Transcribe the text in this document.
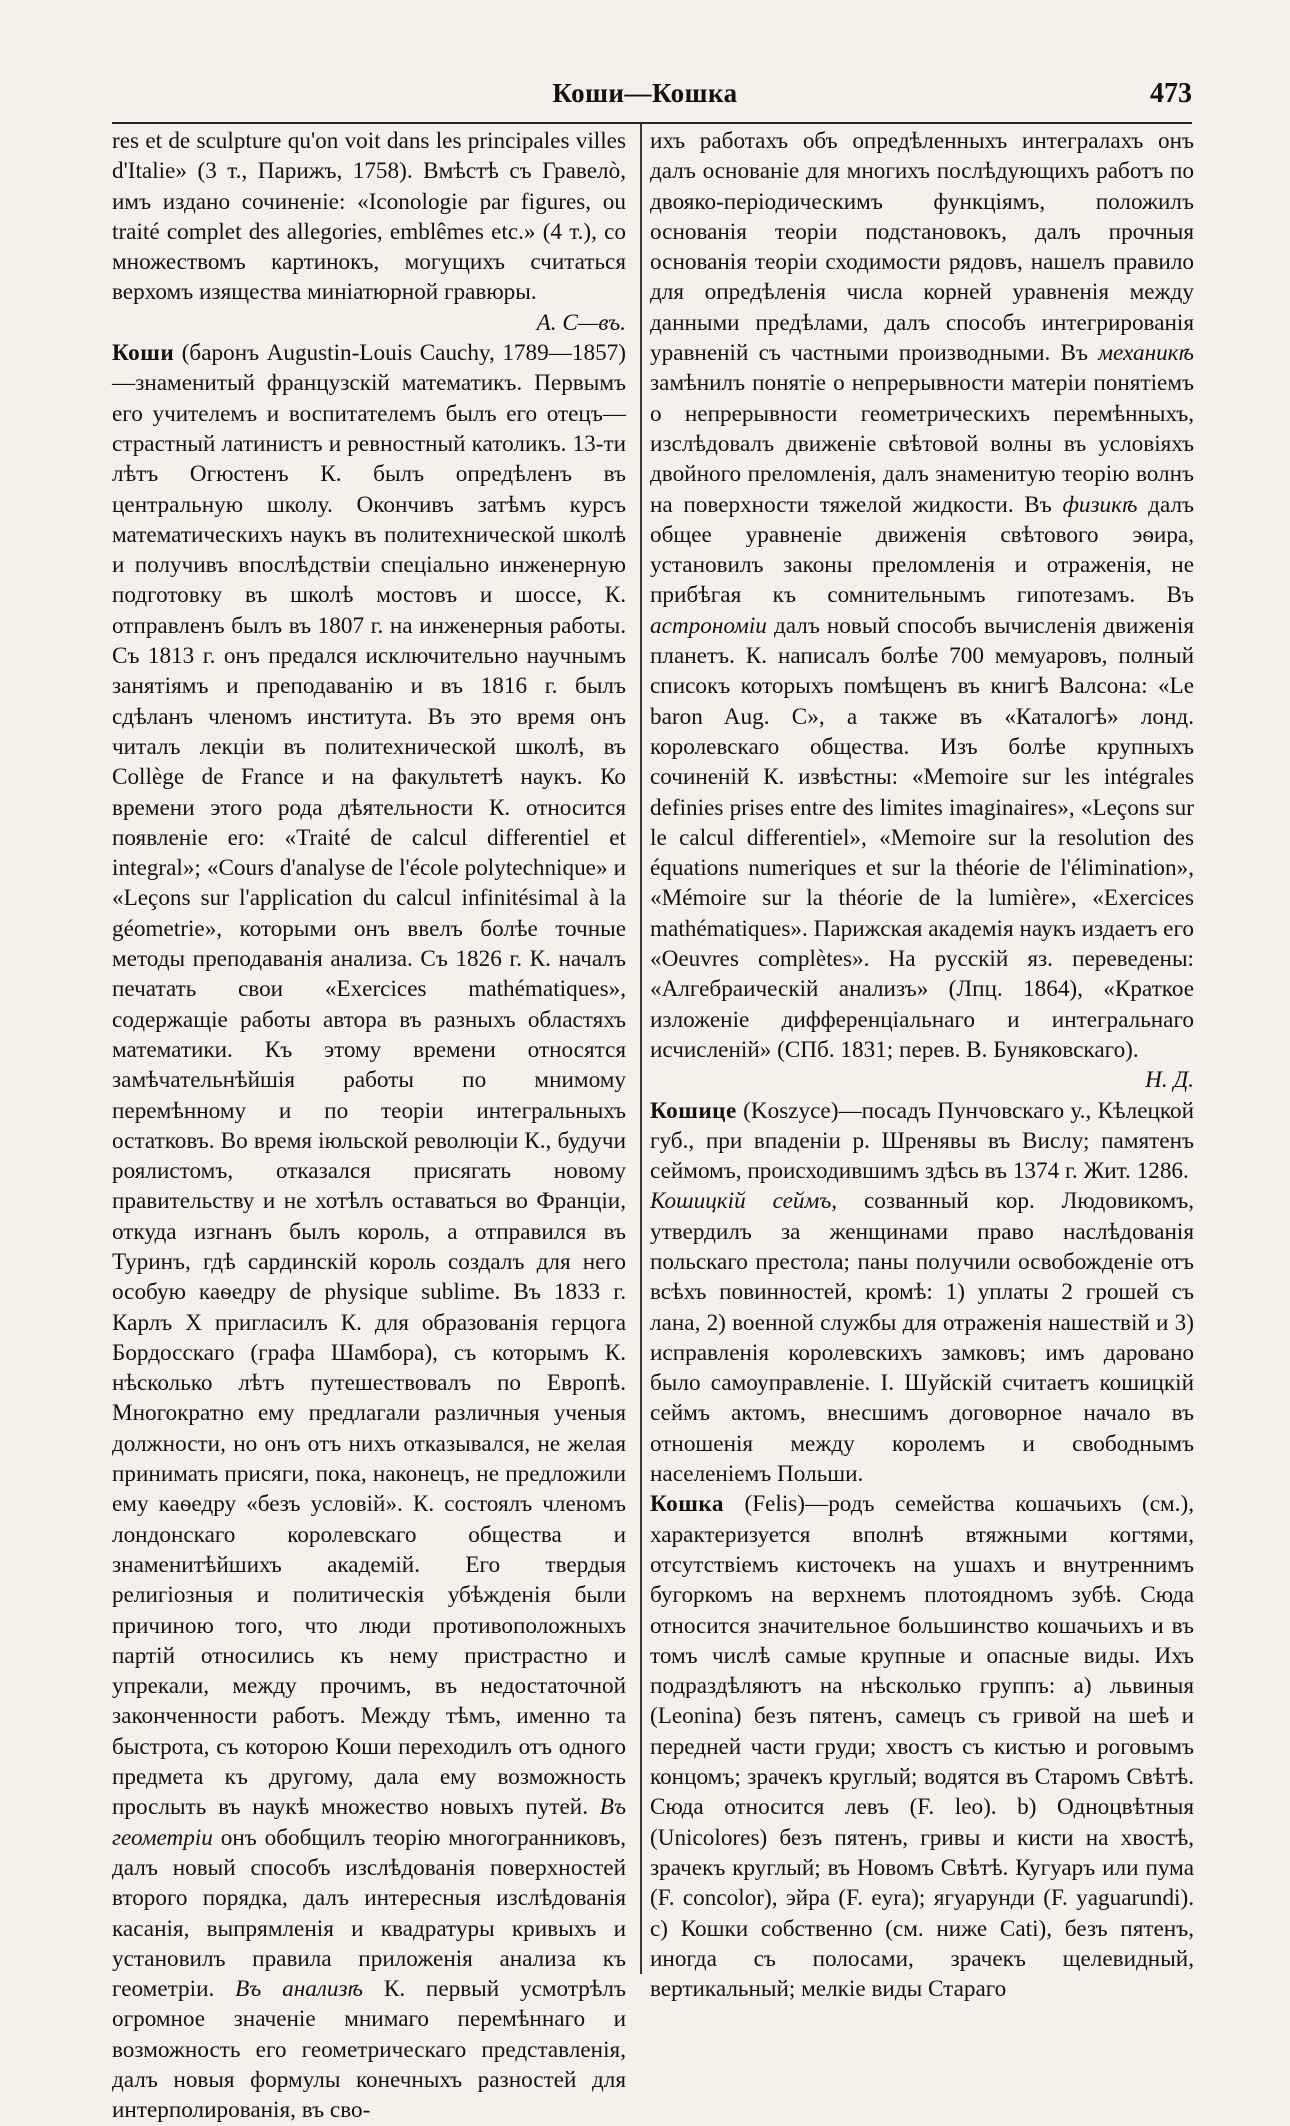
Коши—Кошка	473

res et de sculpture qu'on voit dans les principales villes d'Italie» (3 т., Парижъ, 1758). Вмѣстѣ съ Гравелò, имъ издано сочиненіе: «Iconologie par figures, ou traité complet des allegories, emblêmes etc.» (4 т.), со множествомъ картинокъ, могущихъ считаться верхомъ изящества миніатюрной гравюры.

А. С—въ.

Коши (баронъ Augustin-Louis Cauchy, 1789—1857)—знаменитый французскій математикъ. Первымъ его учителемъ и воспитателемъ былъ его отецъ—страстный латинистъ и ревностный католикъ. 13-ти лѣтъ Огюстенъ К. былъ опредѣленъ въ центральную школу. Окончивъ затѣмъ курсъ математическихъ наукъ въ политехнической школѣ и получивъ впослѣдствіи спеціально инженерную подготовку въ школѣ мостовъ и шоссе, К. отправленъ былъ въ 1807 г. на инженерныя работы. Съ 1813 г. онъ предался исключительно научнымъ занятіямъ и преподаванію и въ 1816 г. былъ сдѣланъ членомъ института. Въ это время онъ читалъ лекціи въ политехнической школѣ, въ Collège de France и на факультетѣ наукъ. Ко времени этого рода дѣятельности К. относится появленіе его: «Traité de calcul differentiel et integral»; «Cours d'analyse de l'école polytechnique» и «Leçons sur l'application du calcul infinitésimal à la géometrie», которыми онъ ввелъ болѣе точные методы преподаванія анализа. Съ 1826 г. К. началъ печатать свои «Exercices mathématiques», содержащіе работы автора въ разныхъ областяхъ математики. Къ этому времени относятся замѣчательнѣйшія работы по мнимому перемѣнному и по теоріи интегральныхъ остатковъ. Во время іюльской революціи К., будучи роялистомъ, отказался присягать новому правительству и не хотѣлъ оставаться во Франціи, откуда изгнанъ былъ король, а отправился въ Туринъ, гдѣ сардинскій король создалъ для него особую каѳедру de physique sublime. Въ 1833 г. Карлъ X пригласилъ К. для образованія герцога Бордосскаго (графа Шамбора), съ которымъ К. нѣсколько лѣтъ путешествовалъ по Европѣ. Многократно ему предлагали различныя ученыя должности, но онъ отъ нихъ отказывался, не желая принимать присяги, пока, наконецъ, не предложили ему каѳедру «безъ условій». К. состоялъ членомъ лондонскаго королевскаго общества и знаменитѣйшихъ академій. Его твердыя религіозныя и политическія убѣжденія были причиною того, что люди противоположныхъ партій относились къ нему пристрастно и упрекали, между прочимъ, въ недостаточной законченности работъ. Между тѣмъ, именно та быстрота, съ которою Коши переходилъ отъ одного предмета къ другому, дала ему возможность прослыть въ наукѣ множество новыхъ путей. Въ геометріи онъ обобщилъ теорію многогранниковъ, далъ новый способъ изслѣдованія поверхностей второго порядка, далъ интересныя изслѣдованія касанія, выпрямленія и квадратуры кривыхъ и установилъ правила приложенія анализа къ геометріи. Въ анализѣ К. первый усмотрѣлъ огромное значеніе мнимаго перемѣннаго и возможность его геометрическаго представленія, далъ новыя формулы конечныхъ разностей для интерполированія, въ сво-

ихъ работахъ объ опредѣленныхъ интегралахъ онъ далъ основаніе для многихъ послѣдующихъ работъ по двояко-періодическимъ функціямъ, положилъ основанія теоріи подстановокъ, далъ прочныя основанія теоріи сходимости рядовъ, нашелъ правило для опредѣленія числа корней уравненія между данными предѣлами, далъ способъ интегрированія уравненій съ частными производными. Въ механикѣ замѣнилъ понятіе о непрерывности матеріи понятіемъ о непрерывности геометрическихъ перемѣнныхъ, изслѣдовалъ движеніе свѣтовой волны въ условіяхъ двойного преломленія, далъ знаменитую теорію волнъ на поверхности тяжелой жидкости. Въ физикѣ далъ общее уравненіе движенія свѣтового эѳира, установилъ законы преломленія и отраженія, не прибѣгая къ сомнительнымъ гипотезамъ. Въ астрономіи далъ новый способъ вычисленія движенія планетъ. К. написалъ болѣе 700 мемуаровъ, полный списокъ которыхъ помѣщенъ въ книгѣ Валсона: «Le baron Aug. C», а также въ «Каталогѣ» лонд. королевскаго общества. Изъ болѣе крупныхъ сочиненій К. извѣстны: «Memoire sur les intégrales definies prises entre des limites imaginaires», «Leçons sur le calcul differentiel», «Memoire sur la resolution des équations numeriques et sur la théorie de l'élimination», «Mémoire sur la théorie de la lumière», «Exercices mathématiques». Парижская академія наукъ издаетъ его «Oeuvres complètes». На русскій яз. переведены: «Алгебраическій анализъ» (Лпц. 1864), «Краткое изложеніе дифференціальнаго и интегральнаго исчисленій» (СПб. 1831; перев. В. Буняковскаго).

Н. Д.

Кошице (Koszyce)—посадъ Пунчовскаго у., Кѣлецкой губ., при впаденіи р. Шренявы въ Вислу; памятенъ сеймомъ, происходившимъ здѣсь въ 1374 г. Жит. 1286.

Кошицкій сеймъ, созванный кор. Людовикомъ, утвердилъ за женщинами право наслѣдованія польскаго престола; паны получили освобожденіе отъ всѣхъ повинностей, кромѣ: 1) уплаты 2 грошей съ лана, 2) военной службы для отраженія нашествій и 3) исправленія королевскихъ замковъ; имъ даровано было самоуправленіе. I. Шуйскій считаетъ кошицкій сеймъ актомъ, внесшимъ договорное начало въ отношенія между королемъ и свободнымъ населеніемъ Польши.

Кошка (Felis)—родъ семейства кошачьихъ (см.), характеризуется вполнѣ втяжными когтями, отсутствіемъ кисточекъ на ушахъ и внутреннимъ бугоркомъ на верхнемъ плотоядномъ зубѣ. Сюда относится значительное большинство кошачьихъ и въ томъ числѣ самые крупные и опасные виды. Ихъ подраздѣляютъ на нѣсколько группъ: a) львиныя (Leonina) безъ пятенъ, самецъ съ гривой на шеѣ и передней части груди; хвостъ съ кистью и роговымъ концомъ; зрачекъ круглый; водятся въ Старомъ Свѣтѣ. Сюда относится левъ (F. leo). b) Одноцвѣтныя (Unicolores) безъ пятенъ, гривы и кисти на хвостѣ, зрачекъ круглый; въ Новомъ Свѣтѣ. Кугуаръ или пума (F. concolor), эйра (F. eyra); ягуарунди (F. yaguarundi). c) Кошки собственно (см. ниже Cati), безъ пятенъ, иногда съ полосами, зрачекъ щелевидный, вертикальный; мелкіе виды Стараго
